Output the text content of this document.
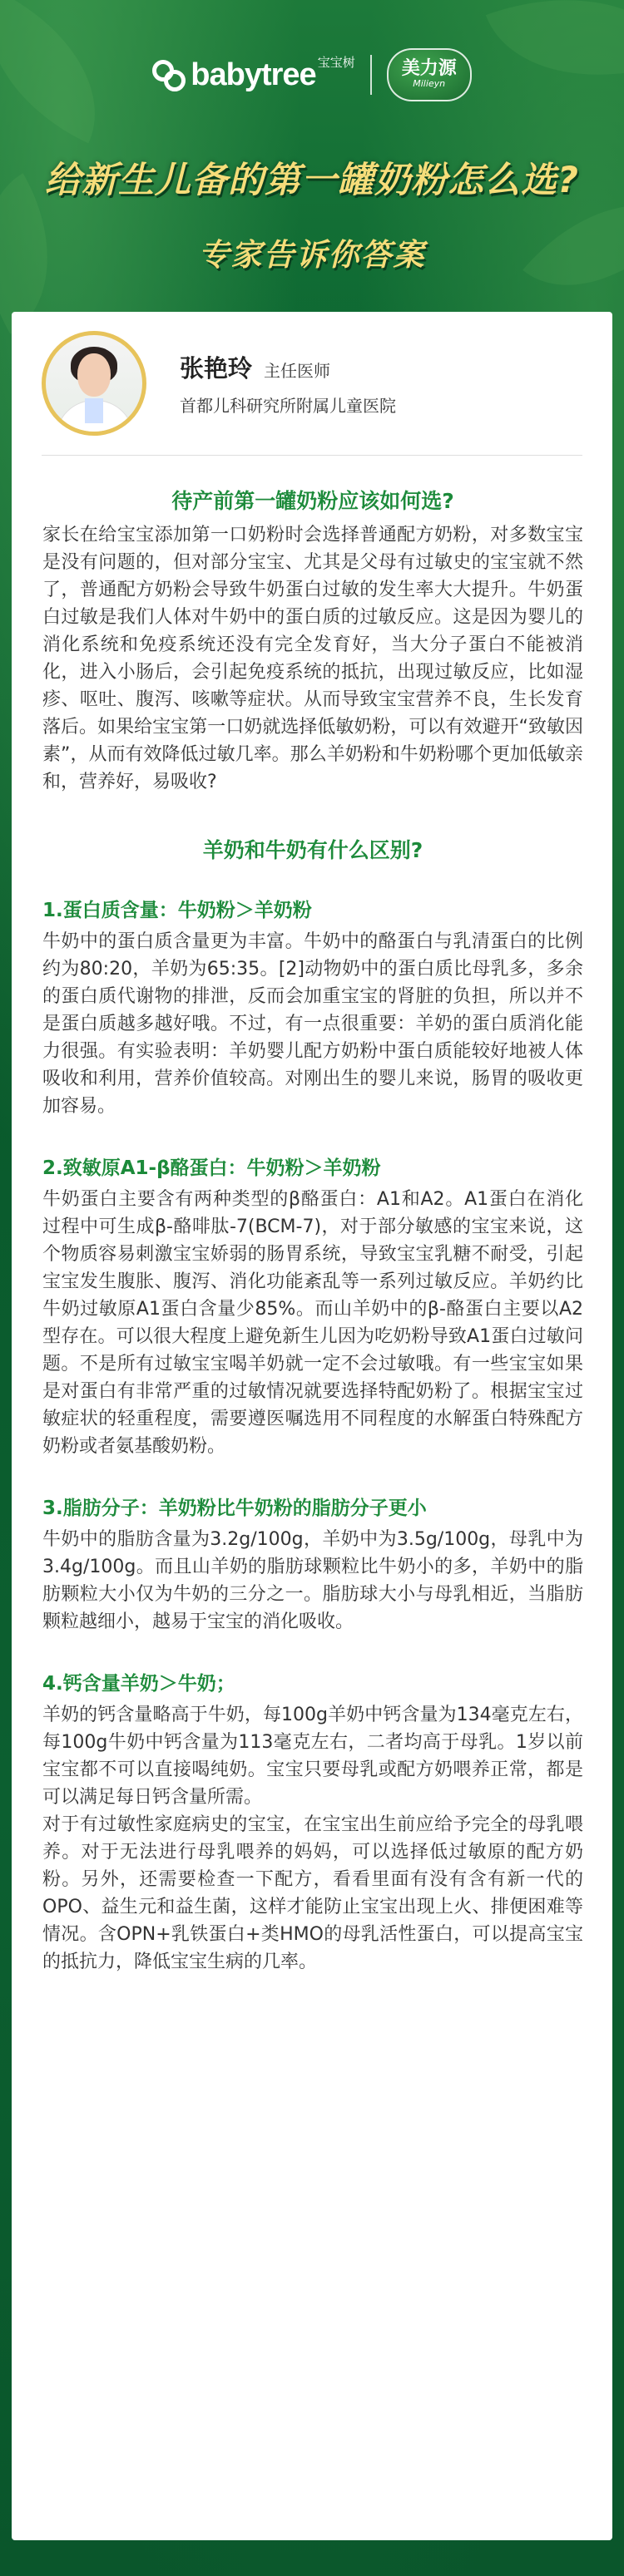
babytree 宝宝树	美力源
Milieyn
给新生儿备的第一罐奶粉怎么选?
专家告诉你答案
张艳玲 主任医师
首都儿科研究所附属儿童医院
待产前第一罐奶粉应该如何选?

家长在给宝宝添加第一口奶粉时会选择普通配方奶粉，对多数宝宝是没有问题的，但对部分宝宝、尤其是父母有过敏史的宝宝就不然了，普通配方奶粉会导致牛奶蛋白过敏的发生率大大提升。牛奶蛋白过敏是我们人体对牛奶中的蛋白质的过敏反应。这是因为婴儿的消化系统和免疫系统还没有完全发育好，当大分子蛋白不能被消化，进入小肠后，会引起免疫系统的抵抗，出现过敏反应，比如湿疹、呕吐、腹泻、咳嗽等症状。从而导致宝宝营养不良，生长发育落后。如果给宝宝第一口奶就选择低敏奶粉，可以有效避开“致敏因素”，从而有效降低过敏几率。那么羊奶粉和牛奶粉哪个更加低敏亲和，营养好，易吸收?

羊奶和牛奶有什么区别?
1.蛋白质含量：牛奶粉＞羊奶粉

牛奶中的蛋白质含量更为丰富。牛奶中的酪蛋白与乳清蛋白的比例约为80:20，羊奶为65:35。[2]动物奶中的蛋白质比母乳多，多余的蛋白质代谢物的排泄，反而会加重宝宝的肾脏的负担，所以并不是蛋白质越多越好哦。不过，有一点很重要：羊奶的蛋白质消化能力很强。有实验表明：羊奶婴儿配方奶粉中蛋白质能较好地被人体吸收和利用，营养价值较高。对刚出生的婴儿来说，肠胃的吸收更加容易。

2.致敏原A1-β酪蛋白：牛奶粉＞羊奶粉

牛奶蛋白主要含有两种类型的β酪蛋白：A1和A2。A1蛋白在消化过程中可生成β-酪啡肽-7(BCM-7)，对于部分敏感的宝宝来说，这个物质容易刺激宝宝娇弱的肠胃系统，导致宝宝乳糖不耐受，引起宝宝发生腹胀、腹泻、消化功能紊乱等一系列过敏反应。羊奶约比牛奶过敏原A1蛋白含量少85%。而山羊奶中的β-酪蛋白主要以A2型存在。可以很大程度上避免新生儿因为吃奶粉导致A1蛋白过敏问题。不是所有过敏宝宝喝羊奶就一定不会过敏哦。有一些宝宝如果是对蛋白有非常严重的过敏情况就要选择特配奶粉了。根据宝宝过敏症状的轻重程度，需要遵医嘱选用不同程度的水解蛋白特殊配方奶粉或者氨基酸奶粉。

3.脂肪分子：羊奶粉比牛奶粉的脂肪分子更小

牛奶中的脂肪含量为3.2g/100g，羊奶中为3.5g/100g，母乳中为3.4g/100g。而且山羊奶的脂肪球颗粒比牛奶小的多，羊奶中的脂肪颗粒大小仅为牛奶的三分之一。脂肪球大小与母乳相近，当脂肪颗粒越细小，越易于宝宝的消化吸收。

4.钙含量羊奶＞牛奶；

羊奶的钙含量略高于牛奶，每100g羊奶中钙含量为134毫克左右，每100g牛奶中钙含量为113毫克左右，二者均高于母乳。1岁以前宝宝都不可以直接喝纯奶。宝宝只要母乳或配方奶喂养正常，都是可以满足每日钙含量所需。

对于有过敏性家庭病史的宝宝，在宝宝出生前应给予完全的母乳喂养。对于无法进行母乳喂养的妈妈，可以选择低过敏原的配方奶粉。另外，还需要检查一下配方，看看里面有没有含有新一代的 OPO、益生元和益生菌，这样才能防止宝宝出现上火、排便困难等情况。含OPN+乳铁蛋白+类HMO的母乳活性蛋白，可以提高宝宝的抵抗力，降低宝宝生病的几率。
